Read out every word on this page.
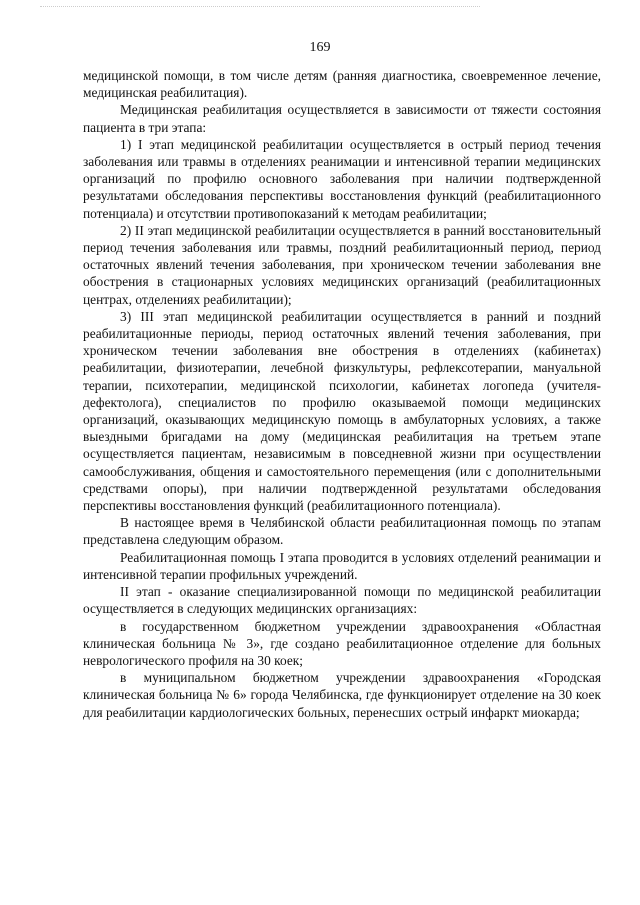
169

медицинской помощи, в том числе детям (ранняя диагностика, своевременное лечение, медицинская реабилитация).

Медицинская реабилитация осуществляется в зависимости от тяжести состояния пациента в три этапа:

1) I этап медицинской реабилитации осуществляется в острый период течения заболевания или травмы в отделениях реанимации и интенсивной терапии медицинских организаций по профилю основного заболевания при наличии подтвержденной результатами обследования перспективы восстановления функций (реабилитационного потенциала) и отсутствии противопоказаний к методам реабилитации;

2) II этап медицинской реабилитации осуществляется в ранний восстановительный период течения заболевания или травмы, поздний реабилитационный период, период остаточных явлений течения заболевания, при хроническом течении заболевания вне обострения в стационарных условиях медицинских организаций (реабилитационных центрах, отделениях реабилитации);

3) III этап медицинской реабилитации осуществляется в ранний и поздний реабилитационные периоды, период остаточных явлений течения заболевания, при хроническом течении заболевания вне обострения в отделениях (кабинетах) реабилитации, физиотерапии, лечебной физкультуры, рефлексотерапии, мануальной терапии, психотерапии, медицинской психологии, кабинетах логопеда (учителя-дефектолога), специалистов по профилю оказываемой помощи медицинских организаций, оказывающих медицинскую помощь в амбулаторных условиях, а также выездными бригадами на дому (медицинская реабилитация на третьем этапе осуществляется пациентам, независимым в повседневной жизни при осуществлении самообслуживания, общения и самостоятельного перемещения (или с дополнительными средствами опоры), при наличии подтвержденной результатами обследования перспективы восстановления функций (реабилитационного потенциала).

В настоящее время в Челябинской области реабилитационная помощь по этапам представлена следующим образом.

Реабилитационная помощь I этапа проводится в условиях отделений реанимации и интенсивной терапии профильных учреждений.

II этап - оказание специализированной помощи по медицинской реабилитации осуществляется в следующих медицинских организациях:

в государственном бюджетном учреждении здравоохранения «Областная клиническая больница № 3», где создано реабилитационное отделение для больных неврологического профиля на 30 коек;

в муниципальном бюджетном учреждении здравоохранения «Городская клиническая больница № 6» города Челябинска, где функционирует отделение на 30 коек для реабилитации кардиологических больных, перенесших острый инфаркт миокарда;
